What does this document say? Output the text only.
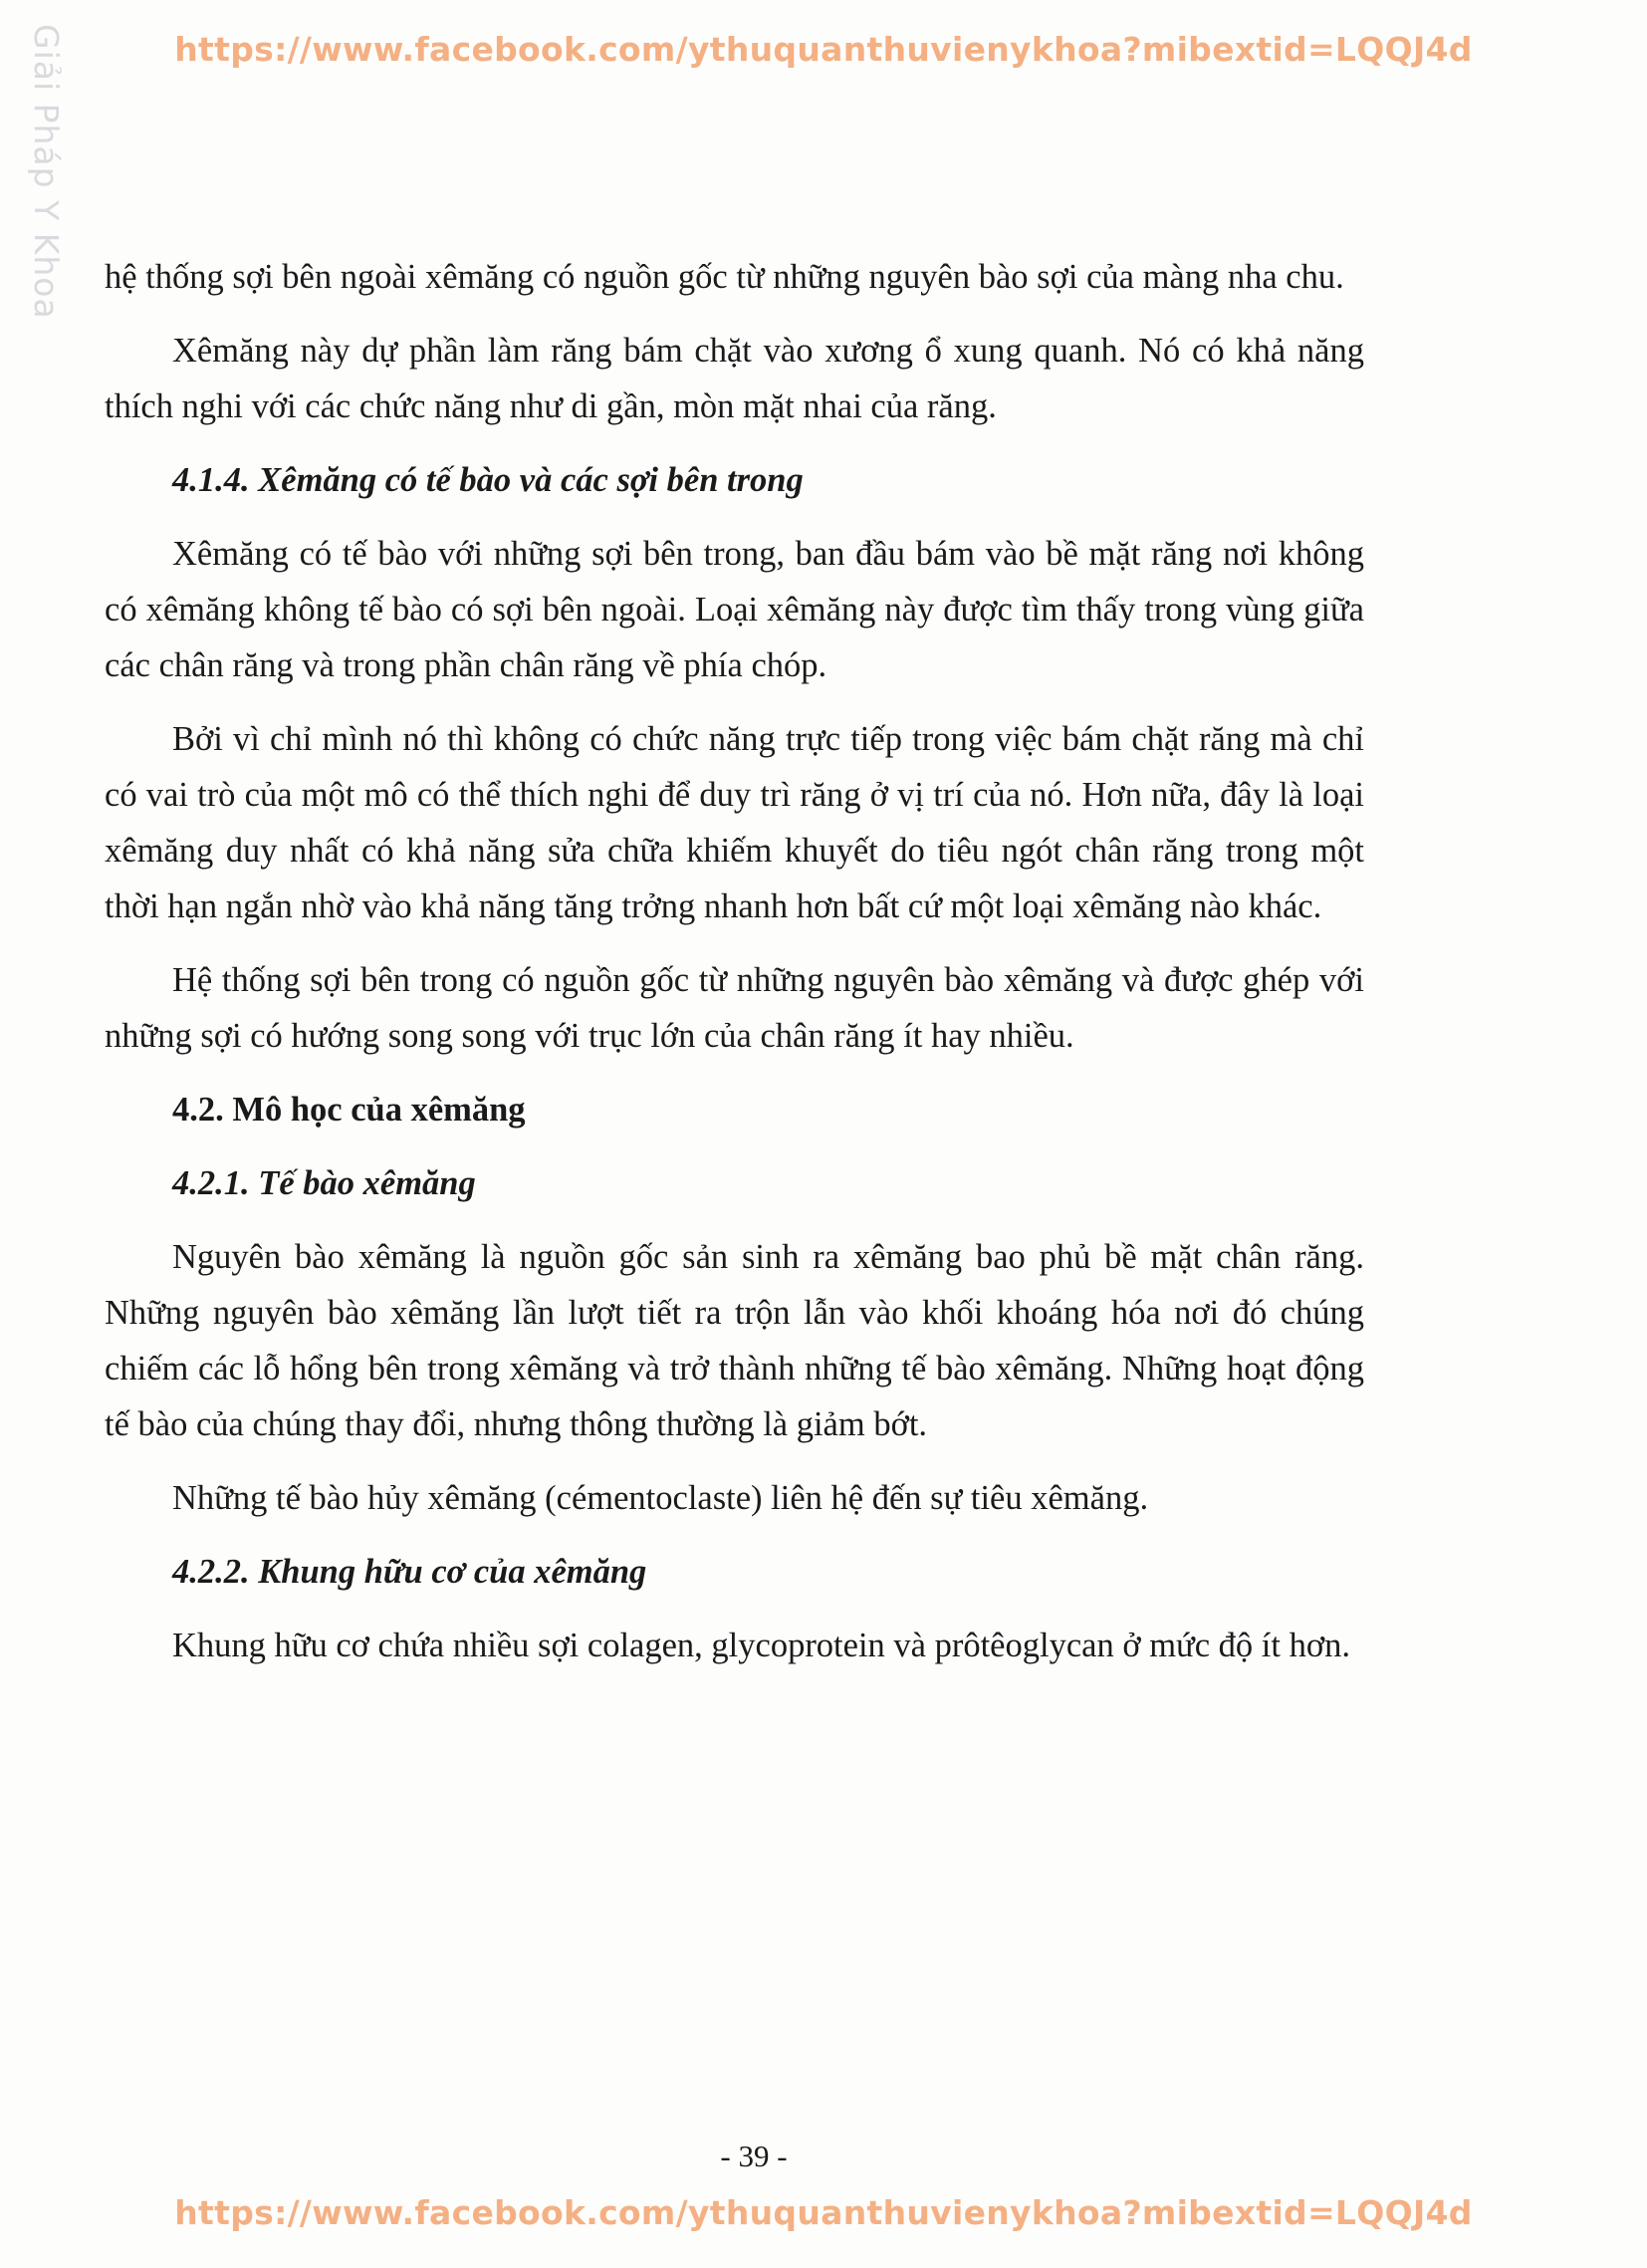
https://www.facebook.com/ythuquanthuvienykhoa?mibextid=LQQJ4d
Giải Pháp Y Khoa hệ thống sợi bên ngoài xêmăng có nguồn gốc từ những nguyên bào sợi của màng nha chu.

Xêmăng này dự phần làm răng bám chặt vào xương ổ xung quanh. Nó có khả năng thích nghi với các chức năng như di gần, mòn mặt nhai của răng.

4.1.4. Xêmăng có tế bào và các sợi bên trong

Xêmăng có tế bào với những sợi bên trong, ban đầu bám vào bề mặt răng nơi không có xêmăng không tế bào có sợi bên ngoài. Loại xêmăng này được tìm thấy trong vùng giữa các chân răng và trong phần chân răng về phía chóp.

Bởi vì chỉ mình nó thì không có chức năng trực tiếp trong việc bám chặt răng mà chỉ có vai trò của một mô có thể thích nghi để duy trì răng ở vị trí của nó. Hơn nữa, đây là loại xêmăng duy nhất có khả năng sửa chữa khiếm khuyết do tiêu ngót chân răng trong một thời hạn ngắn nhờ vào khả năng tăng trởng nhanh hơn bất cứ một loại xêmăng nào khác.

Hệ thống sợi bên trong có nguồn gốc từ những nguyên bào xêmăng và được ghép với những sợi có hướng song song với trục lớn của chân răng ít hay nhiều.

4.2. Mô học của xêmăng
4.2.1. Tế bào xêmăng

Nguyên bào xêmăng là nguồn gốc sản sinh ra xêmăng bao phủ bề mặt chân răng. Những nguyên bào xêmăng lần lượt tiết ra trộn lẫn vào khối khoáng hóa nơi đó chúng chiếm các lỗ hổng bên trong xêmăng và trở thành những tế bào xêmăng. Những hoạt động tế bào của chúng thay đổi, nhưng thông thường là giảm bớt.

Những tế bào hủy xêmăng (cémentoclaste) liên hệ đến sự tiêu xêmăng.

4.2.2. Khung hữu cơ của xêmăng

Khung hữu cơ chứa nhiều sợi colagen, glycoprotein và prôtêoglycan ở mức độ ít hơn.

- 39 -
https://www.facebook.com/ythuquanthuvienykhoa?mibextid=LQQJ4d
